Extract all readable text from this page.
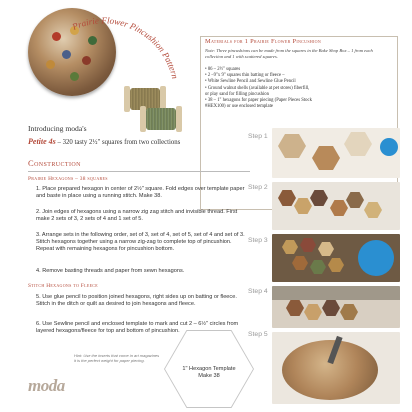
Prairie Flower Pincushion Pattern
Materials for 1 Prairie Flower Pincushion
Note: Three pincushions can be made from the squares in the Bake Shop Box – 1 from each collection and 1 with scattered squares.
• 86 – 2½" squares
• 2 –9"x 9" squares thin batting or fleece –
• White Sewline Pencil and Sewline Glue Pencil
• Ground walnut shells (available at pet stores) fiberfill,
or play sand for filling pincushion
• 38 – 1" hexagons for paper piecing (Paper Pieces Stock
#HEX100) or use enclosed template
Introducing moda's
Petite 4s – 320 tasty 2½" squares from two collections
Construction
Prairie Hexagons – 38 squares
1. Place prepared hexagon in center of 2½" square. Fold edges over template paper and baste in place using a running stitch. Make 38.
2. Join edges of hexagons using a narrow zig zag stitch and invisible thread. First make 2 sets of 3, 2 sets of 4 and 1 set of 5.
3. Arrange sets in the following order, set of 3, set of 4, set of 5, set of 4 and set of 3. Stitch hexagons together using a narrow zig-zag to complete top of pincushion. Repeat with remaining hexagons for pincushion bottom.
4. Remove basting threads and paper from sewn hexagons.
Stitch Hexagons to Fleece
5. Use glue pencil to position joined hexagons, right sides up on batting or fleece. Stitch in the ditch or quilt as desired to join hexagons and fleece.
6. Use Sewline pencil and enclosed template to mark and cut 2 – 6½" circles from layered hexagons/fleece for top and bottom of pincushion.
Step 1
Step 2
Step 3
Step 4
Step 5
Hint: Use the inserts that come in art magazines it is the perfect weight for paper piecing.
1" Hexagon Template
Make 38
moda
